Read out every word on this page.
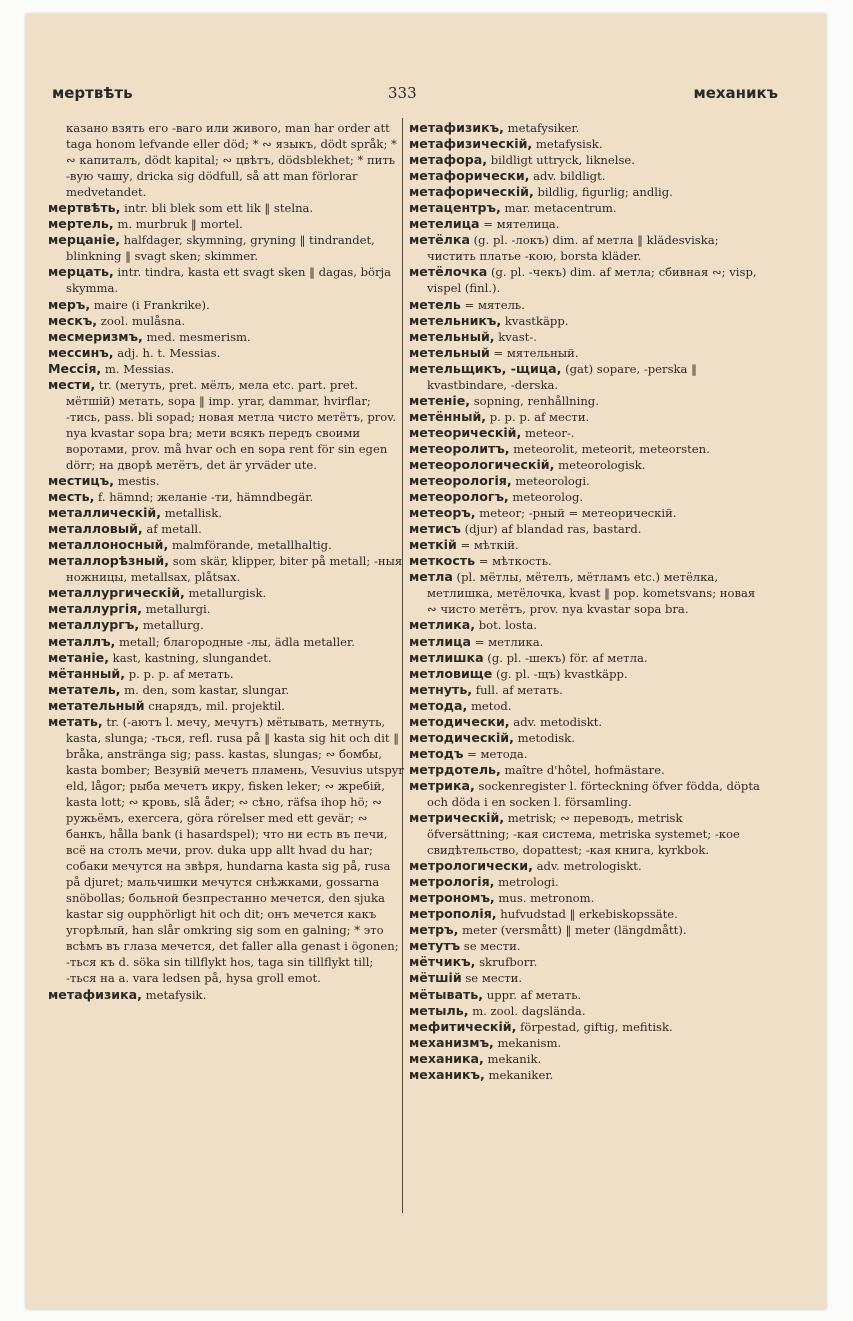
мертвѣть	333	механикъ

казано взять его -ваго или живого, man har order att taga honom lefvande eller död; * ∾ языкъ, dödt språk; * ∾ капиталъ, dödt kapital; ∾ цвѣтъ, dödsblekhet; * пить -вую чашу, dricka sig dödfull, så att man förlorar medvetandet.

мертвѣть, intr. bli blek som ett lik ‖ stelna.

мертель, m. murbruk ‖ mortel.

мерцаніе, halfdager, skymning, gryning ‖ tindrandet, blinkning ‖ svagt sken; skimmer.

мерцать, intr. tindra, kasta ett svagt sken ‖ dagas, börja skymma.

меръ, maire (i Frankrike).

мескъ, zool. mulåsna.

месмеризмъ, med. mesmerism.

мессинъ, adj. h. t. Messias.

Мессія, m. Messias.

мести, tr. (метуть, pret. мёлъ, мела etc. part. pret. мётшій) метать, sopa ‖ imp. yrar, dammar, hvirflar; -тись, pass. bli sopad; новая метла чисто метётъ, prov. nya kvastar sopa bra; мети всякъ передъ своими воротами, prov. må hvar och en sopa rent för sin egen dörr; на дворѣ метётъ, det är yrväder ute.

местицъ, mestis.

месть, f. hämnd; желаніе -ти, hämndbegär.

металлическій, metallisk.

металловый, af metall.

металлоносный, malmförande, metallhaltig.

металлорѣзный, som skär, klipper, biter på metall; -ныя ножницы, metallsax, plåtsax.

металлургическій, metallurgisk.

металлургія, metallurgi.

металлургъ, metallurg.

металлъ, metall; благородные -лы, ädla metaller.

метаніе, kast, kastning, slungandet.

мётанный, p. p. p. af метать.

метатель, m. den, som kastar, slungar.

метательный снарядъ, mil. projektil.

метать, tr. (-аютъ l. мечу, мечутъ) мётывать, метнуть, kasta, slunga; -ться, refl. rusa på ‖ kasta sig hit och dit ‖ bråka, anstränga sig; pass. kastas, slungas; ∾ бомбы, kasta bomber; Везувій мечетъ пламень, Vesuvius utspyr eld, lågor; рыба мечетъ икру, fisken leker; ∾ жребій, kasta lott; ∾ кровь, slå åder; ∾ сѣно, räfsa ihop hö; ∾ ружьёмъ, exercera, göra rörelser med ett gevär; ∾ банкъ, hålla bank (i hasardspel); что ни есть въ печи, всё на столъ мечи, prov. duka upp allt hvad du har; собаки мечутся на звѣря, hundarna kasta sig på, rusa på djuret; мальчишки мечутся снѣжками, gossarna snöbollas; больной безпрестанно мечется, den sjuka kastar sig oupphörligt hit och dit; онъ мечется какъ угорѣлый, han slår omkring sig som en galning; * это всѣмъ въ глаза мечется, det faller alla genast i ögonen; -ться къ d. söka sin tillflykt hos, taga sin tillflykt till; -ться на a. vara ledsen på, hysa groll emot.

метафизика, metafysik.

метафизикъ, metafysiker.

метафизическій, metafysisk.

метафора, bildligt uttryck, liknelse.

метафорически, adv. bildligt.

метафорическій, bildlig, figurlig; andlig.

метацентръ, mar. metacentrum.

метелица = мятелица.

метёлка (g. pl. -локъ) dim. af метла ‖ klädesviska; чистить платье -кою, borsta kläder.

метёлочка (g. pl. -чекъ) dim. af метла; сбивная ∾; visp, vispel (finl.).

метель = мятель.

метельникъ, kvastkäpp.

метельный, kvast-.

метельный = мятельный.

метельщикъ, -щица, (gat) sopare, -perska ‖ kvastbindare, -derska.

метеніе, sopning, renhållning.

метённый, p. p. p. af мести.

метеорическій, meteor-.

метеоролитъ, meteorolit, meteorit, meteorsten.

метеорологическій, meteorologisk.

метеорологія, meteorologi.

метеорологъ, meteorolog.

метеоръ, meteor; -рный = метеорическій.

метисъ (djur) af blandad ras, bastard.

меткій = мѣткій.

меткость = мѣткость.

метла (pl. мётлы, мётелъ, мётламъ etc.) метёлка, метлишка, метёлочка, kvast ‖ pop. kometsvans; новая ∾ чисто метётъ, prov. nya kvastar sopa bra.

метлика, bot. losta.

метлица = метлика.

метлишка (g. pl. -шекъ) för. af метла.

метловище (g. pl. -щъ) kvastkäpp.

метнуть, full. af метать.

метода, metod.

методически, adv. metodiskt.

методическій, metodisk.

методъ = метода.

метрдотель, maître d'hôtel, hofmästare.

метрика, sockenregister l. förteckning öfver födda, döpta och döda i en socken l. församling.

метрическій, metrisk; ∾ переводъ, metrisk öfversättning; -кая система, metriska systemet; -кое свидѣтельство, dopattest; -кая книга, kyrkbok.

метрологически, adv. metrologiskt.

метрологія, metrologi.

метрономъ, mus. metronom.

метрополія, hufvudstad ‖ erkebiskopssäte.

метръ, meter (versmått) ‖ meter (längdmått).

метутъ se мести.

мётчикъ, skrufborr.

мётшій se мести.

мётывать, uppr. af метать.

метыль, m. zool. dagslända.

мефитическій, förpestad, giftig, mefitisk.

механизмъ, mekanism.

механика, mekanik.

механикъ, mekaniker.
